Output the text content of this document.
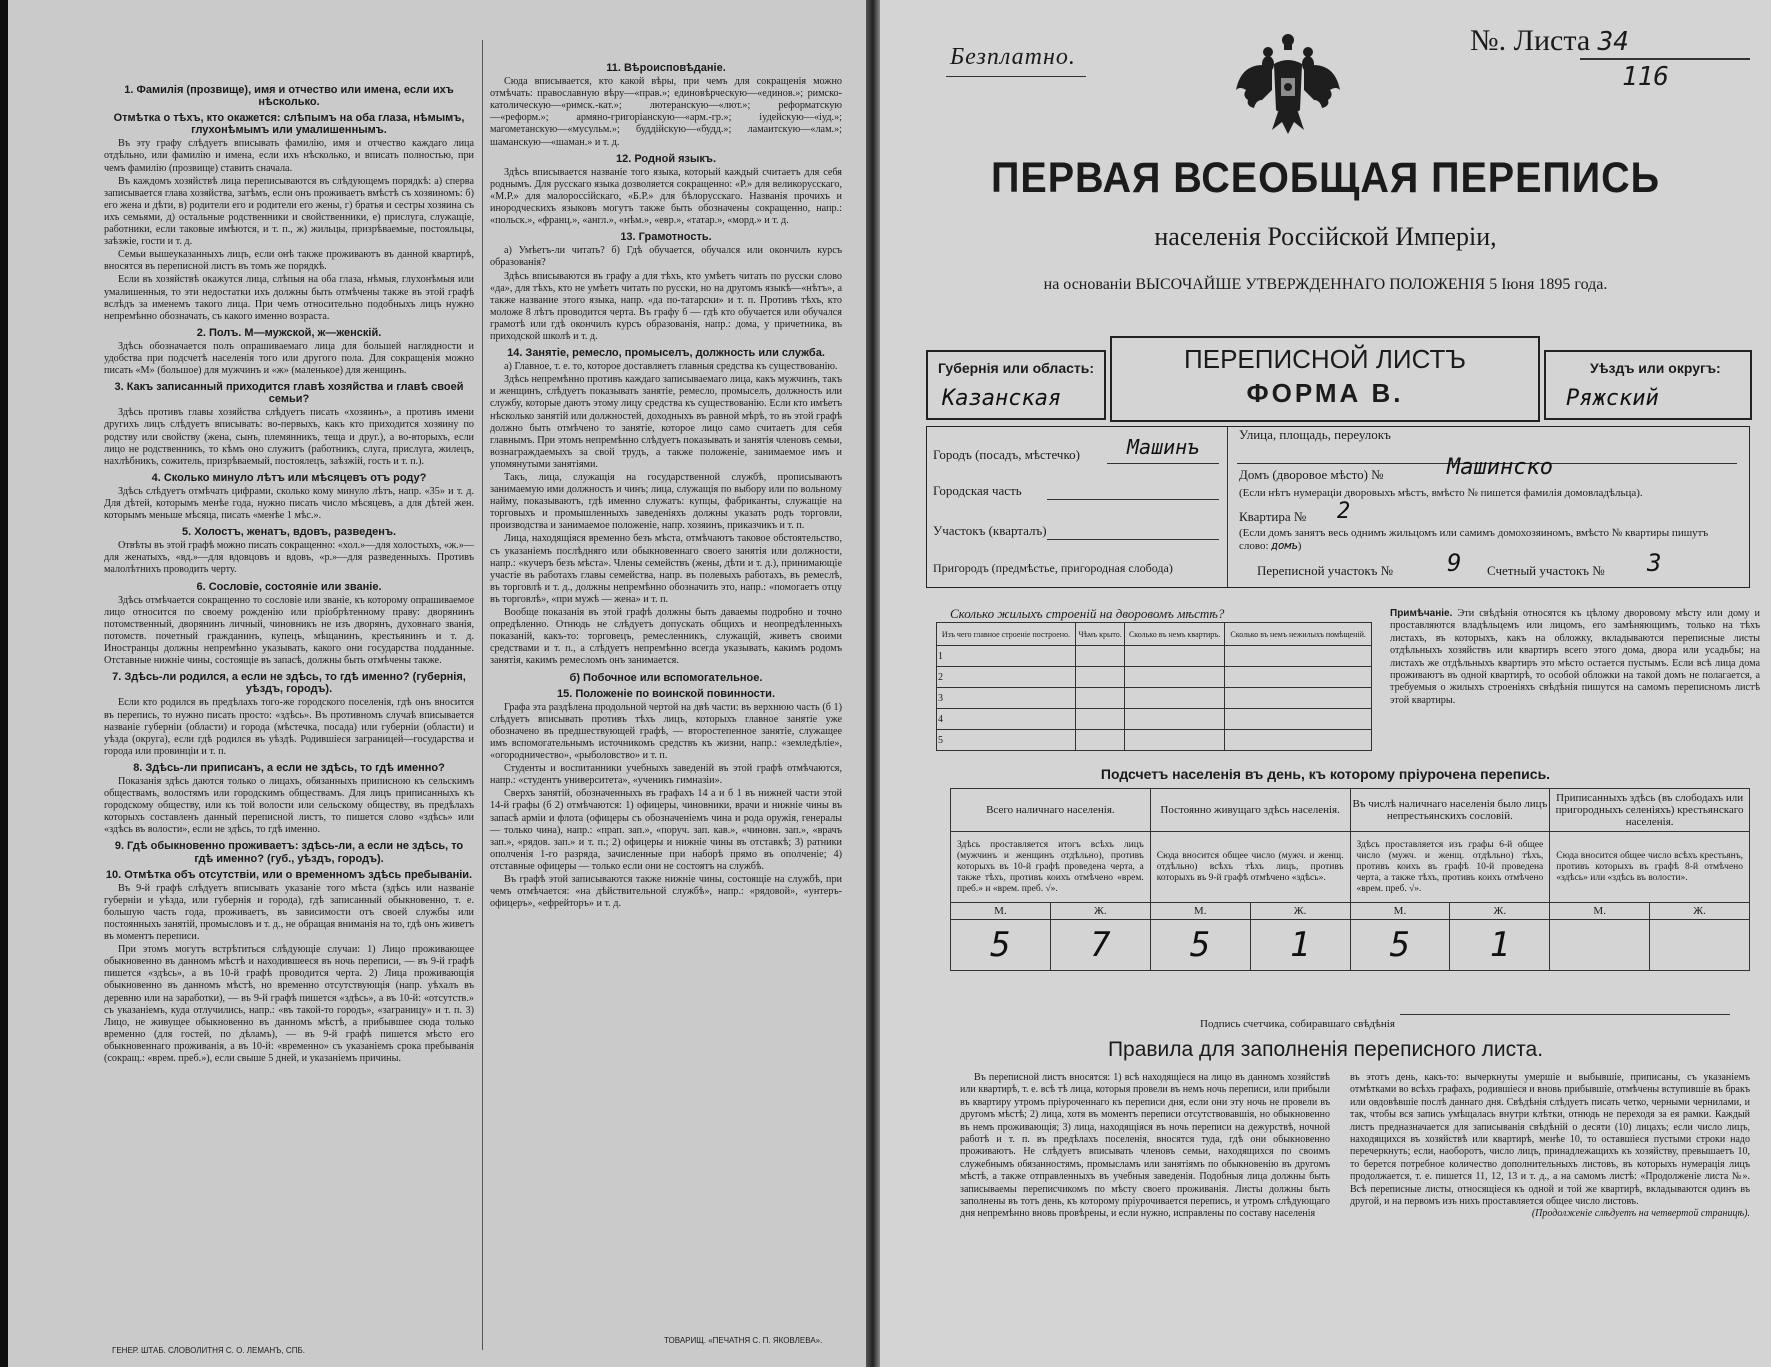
1. Фамилія (прозвище), имя и отчество или имена, если ихъ нѣсколько.
Отмѣтка о тѣхъ, кто окажется: слѣпымъ на оба глаза, нѣмымъ, глухонѣмымъ или умалишеннымъ.

Въ эту графу слѣдуетъ вписывать фамилію, имя и отчество каждаго лица отдѣльно, или фамилію и имена, если ихъ нѣсколько, и вписать полностью, при чемъ фамилію (прозвище) ставить сначала.

Въ каждомъ хозяйствѣ лица переписываются въ слѣдующемъ порядкѣ: а) сперва записывается глава хозяйства, затѣмъ, если онъ проживаетъ вмѣстѣ съ хозяиномъ: б) его жена и дѣти, в) родители его и родители его жены, г) братья и сестры хозяина съ ихъ семьями, д) остальные родственники и свойственники, е) прислуга, служащіе, работники, если таковые имѣются, и т. п., ж) жильцы, призрѣваемые, постояльцы, заѣзжіе, гости и т. д.

Семьи вышеуказанныхъ лицъ, если онѣ также проживаютъ въ данной квартирѣ, вносятся въ переписной листъ въ томъ же порядкѣ.

Если въ хозяйствѣ окажутся лица, слѣпыя на оба глаза, нѣмыя, глухонѣмыя или умалишенныя, то эти недостатки ихъ должны быть отмѣчены также въ этой графѣ вслѣдъ за именемъ такого лица. При чемъ относительно подобныхъ лицъ нужно непремѣнно обозначать, съ какого именно возраста.

2. Полъ. М—мужской, ж—женскій.

Здѣсь обозначается полъ опрашиваемаго лица для большей наглядности и удобства при подсчетѣ населенія того или другого пола. Для сокращенія можно писать «М» (большое) для мужчинъ и «ж» (маленькое) для женщинъ.

3. Какъ записанный приходится главѣ хозяйства и главѣ своей семьи?

Здѣсь противъ главы хозяйства слѣдуетъ писать «хозяинъ», а противъ имени другихъ лицъ слѣдуетъ вписывать: во-первыхъ, какъ кто приходится хозяину по родству или свойству (жена, сынъ, племянникъ, теща и друг.), а во-вторыхъ, если лицо не родственникъ, то кѣмъ оно служитъ (работникъ, слуга, прислуга, жилецъ, нахлѣбникъ, сожитель, призрѣваемый, постоялецъ, заѣзжій, гость и т. п.).

4. Сколько минуло лѣтъ или мѣсяцевъ отъ роду?

Здѣсь слѣдуетъ отмѣчать цифрами, сколько кому минуло лѣтъ, напр. «35» и т. д. Для дѣтей, которымъ менѣе года, нужно писать число мѣсяцевъ, а для дѣтей жен. которымъ меньше мѣсяца, писать «менѣе 1 мѣс.».

5. Холостъ, женатъ, вдовъ, разведенъ.

Отвѣты въ этой графѣ можно писать сокращенно: «хол.»—для холостыхъ, «ж.»—для женатыхъ, «вд.»—для вдовцовъ и вдовъ, «р.»—для разведенныхъ. Противъ малолѣтнихъ проводить черту.

6. Сословіе, состояніе или званіе.

Здѣсь отмѣчается сокращенно то сословіе или званіе, къ которому опрашиваемое лицо относится по своему рожденію или пріобрѣтенному праву: дворянинъ потомственный, дворянинъ личный, чиновникъ не изъ дворянъ, духовнаго званія, потомств. почетный гражданинъ, купецъ, мѣщанинъ, крестьянинъ и т. д. Иностранцы должны непремѣнно указывать, какого они государства подданные. Отставные нижніе чины, состоящіе въ запасѣ, должны быть отмѣчены также.

7. Здѣсь-ли родился, а если не здѣсь, то гдѣ именно? (губернія, уѣздъ, городъ).

Если кто родился въ предѣлахъ того-же городского поселенія, гдѣ онъ вносится въ перепись, то нужно писать просто: «здѣсь». Въ противномъ случаѣ вписывается названіе губерніи (области) и города (мѣстечка, посада) или губерніи (области) и уѣзда (округа), если гдѣ родился въ уѣздѣ. Родившіеся заграницей—государства и города или провинціи и т. п.

8. Здѣсь-ли приписанъ, а если не здѣсь, то гдѣ именно?

Показанія здѣсь даются только о лицахъ, обязанныхъ приписною къ сельскимъ обществамъ, волостямъ или городскимъ обществамъ. Для лицъ приписанныхъ къ городскому обществу, или къ той волости или сельскому обществу, въ предѣлахъ которыхъ составленъ данный переписной листъ, то пишется слово «здѣсь» или «здѣсь въ волости», если не здѣсь, то гдѣ именно.

9. Гдѣ обыкновенно проживаетъ: здѣсь-ли, а если не здѣсь, то гдѣ именно? (губ., уѣздъ, городъ).
10. Отмѣтка объ отсутствіи, или о временномъ здѣсь пребываніи.

Въ 9-й графѣ слѣдуетъ вписывать указаніе того мѣста (здѣсь или названіе губерніи и уѣзда, или губернія и города), гдѣ записанный обыкновенно, т. е. большую часть года, проживаетъ, въ зависимости отъ своей службы или постоянныхъ занятій, промысловъ и т. д., не обращая вниманія на то, гдѣ онъ живетъ въ моментъ переписи.

При этомъ могутъ встрѣтиться слѣдующіе случаи: 1) Лицо проживающее обыкновенно въ данномъ мѣстѣ и находившееся въ ночь переписи, — въ 9-й графѣ пишется «здѣсь», а въ 10-й графѣ проводится черта. 2) Лица проживающія обыкновенно въ данномъ мѣстѣ, но временно отсутствующія (напр. уѣхалъ въ деревню или на заработки), — въ 9-й графѣ пишется «здѣсь», а въ 10-й: «отсутств.» съ указаніемъ, куда отлучились, напр.: «въ такой-то городъ», «заграницу» и т. п. 3) Лицо, не живущее обыкновенно въ данномъ мѣстѣ, а прибывшее сюда только временно (для гостей, по дѣламъ), — въ 9-й графѣ пишется мѣсто его обыкновеннаго проживанія, а въ 10-й: «временно» съ указаніемъ срока пребыванія (сокращ.: «врем. преб.»), если свыше 5 дней, и указаніемъ причины.

11. Вѣроисповѣданіе.

Сюда вписывается, кто какой вѣры, при чемъ для сокращенія можно отмѣчать: православную вѣру—«прав.»; единовѣрческую—«единов.»; римско-католическую—«римск.-кат.»; лютеранскую—«лют.»; реформатскую—«реформ.»; армяно-григоріанскую—«арм.-гр.»; іудейскую—«іуд.»; магометанскую—«мусульм.»; буддійскую—«будд.»; ламаитскую—«лам.»; шаманскую—«шаман.» и т. д.

12. Родной языкъ.

Здѣсь вписывается названіе того языка, который каждый считаетъ для себя роднымъ. Для русскаго языка дозволяется сокращенно: «Р.» для великорусскаго, «М.Р.» для малороссійскаго, «Б.Р.» для бѣлорусскаго. Названія прочихъ и инородческихъ языковъ могутъ также быть обозначены сокращенно, напр.: «польск.», «франц.», «англ.», «нѣм.», «евр.», «татар.», «морд.» и т. д.

13. Грамотность.

а) Умѣетъ-ли читать? б) Гдѣ обучается, обучался или окончилъ курсъ образованія?

Здѣсь вписываются въ графу а для тѣхъ, кто умѣетъ читать по русски слово «да», для тѣхъ, кто не умѣетъ читать по русски, но на другомъ языкѣ—«нѣтъ», а также название этого языка, напр. «да по-татарски» и т. п. Противъ тѣхъ, кто моложе 8 лѣтъ проводится черта. Въ графу б — гдѣ кто обучается или обучался грамотѣ или гдѣ окончилъ курсъ образованія, напр.: дома, у причетника, въ приходской школѣ и т. д.

14. Занятіе, ремесло, промыселъ, должность или служба.

а) Главное, т. е. то, которое доставляетъ главныя средства къ существованію.

Здѣсь непремѣнно противъ каждаго записываемаго лица, какъ мужчинъ, такъ и женщинъ, слѣдуетъ показывать занятіе, ремесло, промыселъ, должность или службу, которые даютъ этому лицу средства къ существованію. Если кто имѣетъ нѣсколько занятій или должностей, доходныхъ въ равной мѣрѣ, то въ этой графѣ должно быть отмѣчено то занятіе, которое лицо само считаетъ для себя главнымъ. При этомъ непремѣнно слѣдуетъ показывать и занятія членовъ семьи, вознаграждаемыхъ за свой трудъ, а также положеніе, занимаемое имъ и упомянутыми занятіями.

Такъ, лица, служащія на государственной службѣ, прописываютъ занимаемую ими должность и чинъ; лица, служащія по выбору или по вольному найму, показываютъ, гдѣ именно служатъ: купцы, фабриканты, служащіе на торговыхъ и промышленныхъ заведеніяхъ должны указать родъ торговли, производства и занимаемое положеніе, напр. хозяинъ, приказчикъ и т. п.

Лица, находящіяся временно безъ мѣста, отмѣчаютъ таковое обстоятельство, съ указаніемъ послѣдняго или обыкновеннаго своего занятія или должности, напр.: «кучеръ безъ мѣста». Члены семействъ (жены, дѣти и т. д.), принимающіе участіе въ работахъ главы семейства, напр. въ полевыхъ работахъ, въ ремеслѣ, въ торговлѣ и т. д., должны непремѣнно обозначить это, напр.: «помогаетъ отцу въ торговлѣ», «при мужѣ — жена» и т. п.

Вообще показанія въ этой графѣ должны быть даваемы подробно и точно опредѣленно. Отнюдь не слѣдуетъ допускать общихъ и неопредѣленныхъ показаній, какъ-то: торговецъ, ремесленникъ, служащій, живетъ своими средствами и т. п., а слѣдуетъ непремѣнно всегда указывать, какимъ родомъ занятія, какимъ ремесломъ онъ занимается.

б) Побочное или вспомогательное.
15. Положеніе по воинской повинности.

Графа эта раздѣлена продольной чертой на двѣ части: въ верхнюю часть (б 1) слѣдуетъ вписывать противъ тѣхъ лицъ, которыхъ главное занятіе уже обозначено въ предшествующей графѣ, — второстепенное занятіе, служащее имъ вспомогательнымъ источникомъ средствъ къ жизни, напр.: «земледѣліе», «огородничество», «рыболовство» и т. п.

Студенты и воспитанники учебныхъ заведеній въ этой графѣ отмѣчаются, напр.: «студентъ университета», «ученикъ гимназіи».

Сверхъ занятій, обозначенныхъ въ графахъ 14 а и б 1 въ нижней части этой 14-й графы (б 2) отмѣчаются: 1) офицеры, чиновники, врачи и нижніе чины въ запасѣ арміи и флота (офицеры съ обозначеніемъ чина и рода оружія, генералы — только чина), напр.: «прап. зап.», «поруч. зап. кав.», «чиновн. зап.», «врачъ зап.», «рядов. зап.» и т. п.; 2) офицеры и нижніе чины въ отставкѣ; 3) ратники ополченія 1-го разряда, зачисленные при наборѣ прямо въ ополченіе; 4) отставные офицеры — только если они не состоятъ на службѣ.

Въ графѣ этой записываются также нижніе чины, состоящіе на службѣ, при чемъ отмѣчается: «на дѣйствительной службѣ», напр.: «рядовой», «унтеръ-офицеръ», «ефрейторъ» и т. д.

ГЕНЕР. ШТАБ. СЛОВОЛИТНЯ С. О. ЛЕМАНЪ, СПБ.
ТОВАРИЩ. «ПЕЧАТНЯ С. П. ЯКОВЛЕВА».
Безплатно.	№. Листа 34
116
ПЕРВАЯ ВСЕОБЩАЯ ПЕРЕПИСЬ
населенія Россійской Имперіи,
на основаніи ВЫСОЧАЙШЕ УТВЕРЖДЕННАГО ПОЛОЖЕНІЯ 5 Іюня 1895 года.
Губернія или область:
Казанская
ПЕРЕПИСНОЙ ЛИСТЪ
ФОРМА В.
Уѣздъ или округъ:
Ряжский
Городъ (посадъ, мѣстечко) Машинъ
Городская часть
Участокъ (кварталъ)
Пригородъ (предмѣстье, пригородная слобода)
Улица, площадь, переулокъ
Домъ (дворовое мѣсто) №	Машинско
(Если нѣтъ нумераціи дворовыхъ мѣстъ, вмѣсто № пишется фамилія домовладѣльца).
Квартира № 2
(Если домъ занятъ весь однимъ жильцомъ или самимъ домохозяиномъ, вмѣсто № квартиры пишутъ слово: домъ)
Переписной участокъ № 9 Счетный участокъ № 3
Сколько жилыхъ строеній на дворовомъ мѣстѣ?
Изъ чего главное строеніе построено.	Чѣмъ крыто.	Сколько въ немъ квартиръ.	Сколько въ немъ нежилыхъ помѣщеній.
1			
2			
3			
4			
5			
Примѣчаніе. Эти свѣдѣнія относятся къ цѣлому дворовому мѣсту или дому и проставляются владѣльцемъ или лицомъ, его замѣняющимъ, только на тѣхъ листахъ, въ которыхъ, какъ на обложку, вкладываются переписные листы отдѣльныхъ хозяйствъ или квартиръ всего этого дома, двора или усадьбы; на листахъ же отдѣльныхъ квартиръ это мѣсто остается пустымъ. Если всѣ лица дома проживаютъ въ одной квартирѣ, то особой обложки на такой домъ не полагается, а требуемыя о жилыхъ строеніяхъ свѣдѣнія пишутся на самомъ переписномъ листѣ этой квартиры.
Подсчетъ населенія въ день, къ которому пріурочена перепись.
Всего наличнаго населенія.		Постоянно живущаго здѣсь населенія.		Въ числѣ наличнаго населенія было лицъ непрестьянскихъ сословій.		Приписанныхъ здѣсь (въ слободахъ или пригородныхъ селеніяхъ) крестьянскаго населенія.	
Здѣсь проставляется итогъ всѣхъ лицъ (мужчинъ и женщинъ отдѣльно), противъ которыхъ въ 10-й графѣ проведена черта, а также тѣхъ, противъ коихъ отмѣчено «врем. преб.» и «врем. преб. √».		Сюда вносится общее число (мужч. и женщ. отдѣльно) всѣхъ тѣхъ лицъ, противъ которыхъ въ 9-й графѣ отмѣчено «здѣсь».		Здѣсь проставляется изъ графы 6-й общее число (мужч. и женщ. отдѣльно) тѣхъ, противъ коихъ въ графѣ 10-й проведена черта, а также тѣхъ, противъ коихъ отмѣчено «врем. преб. √».		Сюда вносится общее число всѣхъ крестьянъ, противъ которыхъ въ графѣ 8-й отмѣчено «здѣсь» или «здѣсь въ волости».	
М.	Ж.	М.	Ж.	М.	Ж.	М.	Ж.
5	7	5	1	5	1		
Подпись счетчика, собиравшаго свѣдѣнія
Правила для заполненія переписного листа.
Въ переписной листъ вносятся: 1) всѣ находящіеся на лицо въ данномъ хозяйствѣ или квартирѣ, т. е. всѣ тѣ лица, которыя провели въ немъ ночь переписи, или прибыли въ квартиру утромъ пріуроченнаго къ переписи дня, если они эту ночь не провели въ другомъ мѣстѣ; 2) лица, хотя въ моментъ переписи отсутствовавшія, но обыкновенно въ немъ проживающія; 3) лица, находящіяся въ ночь переписи на дежурствѣ, ночной работѣ и т. п. въ предѣлахъ поселенія, вносятся туда, гдѣ они обыкновенно проживаютъ. Не слѣдуетъ вписывать членовъ семьи, находящихся по своимъ служебнымъ обязанностямъ, промысламъ или занятіямъ по обыкновенію въ другомъ мѣстѣ, а также отправленныхъ въ учебныя заведенія. Подобныя лица должны быть записываемы переписчикомъ по мѣсту своего проживанія. Листы должны быть заполнены въ тотъ день, къ которому пріурочивается перепись, и утромъ слѣдующаго дня непремѣнно вновь провѣрены, и если нужно, исправлены по составу населенія
въ этотъ день, какъ-то: вычеркнуты умершіе и выбывшіе, приписаны, съ указаніемъ отмѣтками во всѣхъ графахъ, родившіеся и вновь прибывшіе, отмѣчены вступившіе въ бракъ или овдовѣвшіе послѣ даннаго дня. Свѣдѣнія слѣдуетъ писать четко, черными чернилами, и так, чтобы вся запись умѣщалась внутри клѣтки, отнюдь не переходя за ея рамки. Каждый листъ предназначается для записыванія свѣдѣній о десяти (10) лицахъ; если число лицъ, находящихся въ хозяйствѣ или квартирѣ, менѣе 10, то оставшіеся пустыми строки надо перечеркнуть; если, наоборотъ, число лицъ, принадлежащихъ къ хозяйству, превышаетъ 10, то берется потребное количество дополнительныхъ листовъ, въ которыхъ нумерація лицъ продолжается, т. е. пишется 11, 12, 13 и т. д., а на самомъ листѣ: «Продолженіе листа №». Всѣ переписные листы, относящіеся къ одной и той же квартирѣ, вкладываются одинъ въ другой, и на первомъ изъ нихъ проставляется общее число листовъ.
(Продолженіе слѣдуетъ на четвертой страницѣ).
